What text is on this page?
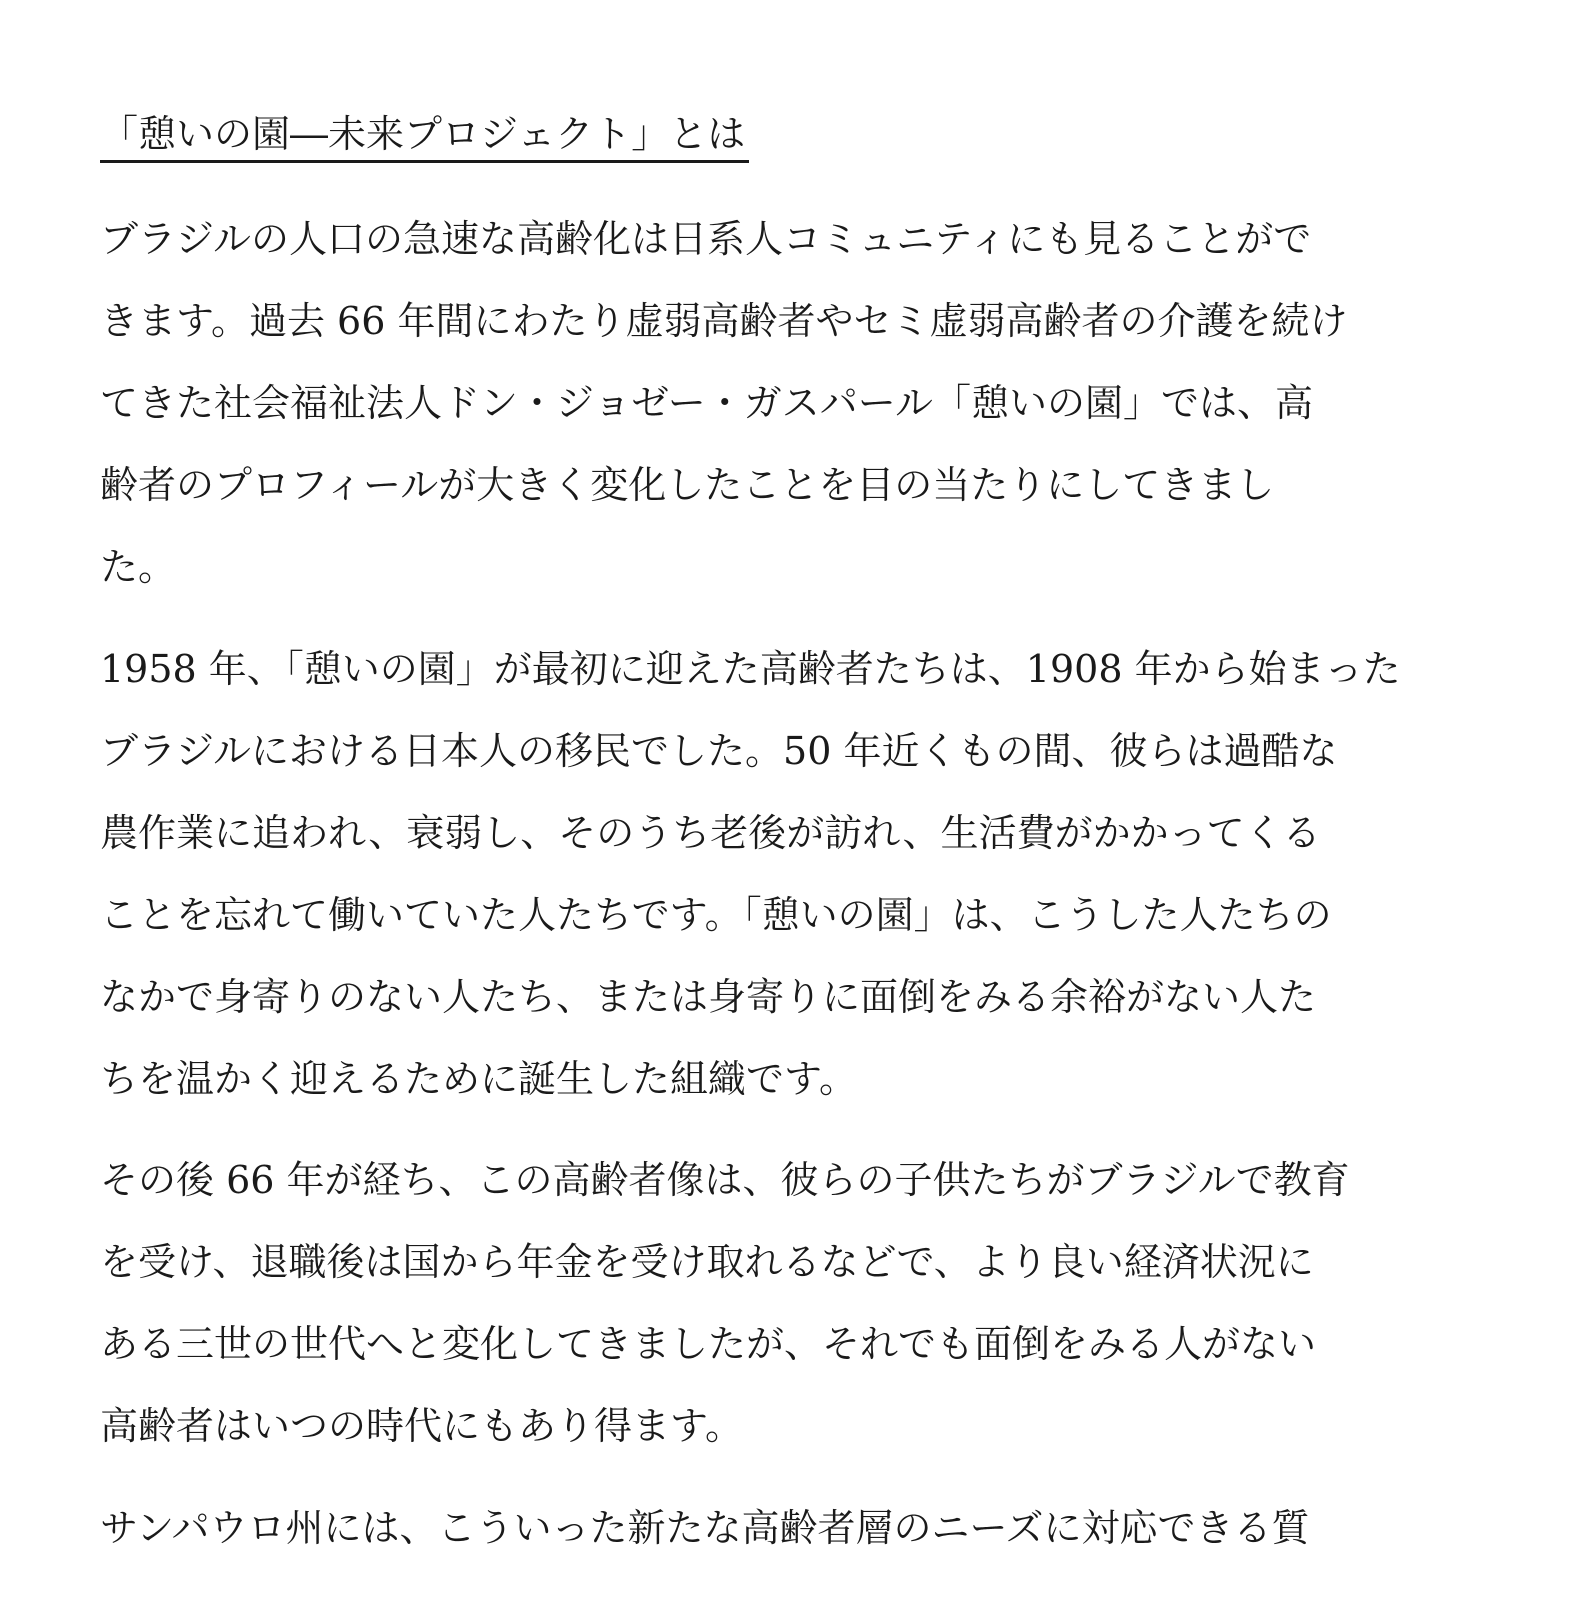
「憩いの園―未来プロジェクト」とは
ブラジルの人口の急速な高齢化は日系人コミュニティにも見ることがで
きます。過去 66 年間にわたり虚弱高齢者やセミ虚弱高齢者の介護を続け
てきた社会福祉法人ドン・ジョゼー・ガスパール「憩いの園」では、高
齢者のプロフィールが大きく変化したことを目の当たりにしてきまし
た。
1958 年、「憩いの園」が最初に迎えた高齢者たちは、1908 年から始まった
ブラジルにおける日本人の移民でした。50 年近くもの間、彼らは過酷な
農作業に追われ、衰弱し、そのうち老後が訪れ、生活費がかかってくる
ことを忘れて働いていた人たちです。「憩いの園」は、こうした人たちの
なかで身寄りのない人たち、または身寄りに面倒をみる余裕がない人た
ちを温かく迎えるために誕生した組織です。
その後 66 年が経ち、この高齢者像は、彼らの子供たちがブラジルで教育
を受け、退職後は国から年金を受け取れるなどで、より良い経済状況に
ある三世の世代へと変化してきましたが、それでも面倒をみる人がない
高齢者はいつの時代にもあり得ます。
サンパウロ州には、こういった新たな高齢者層のニーズに対応できる質
